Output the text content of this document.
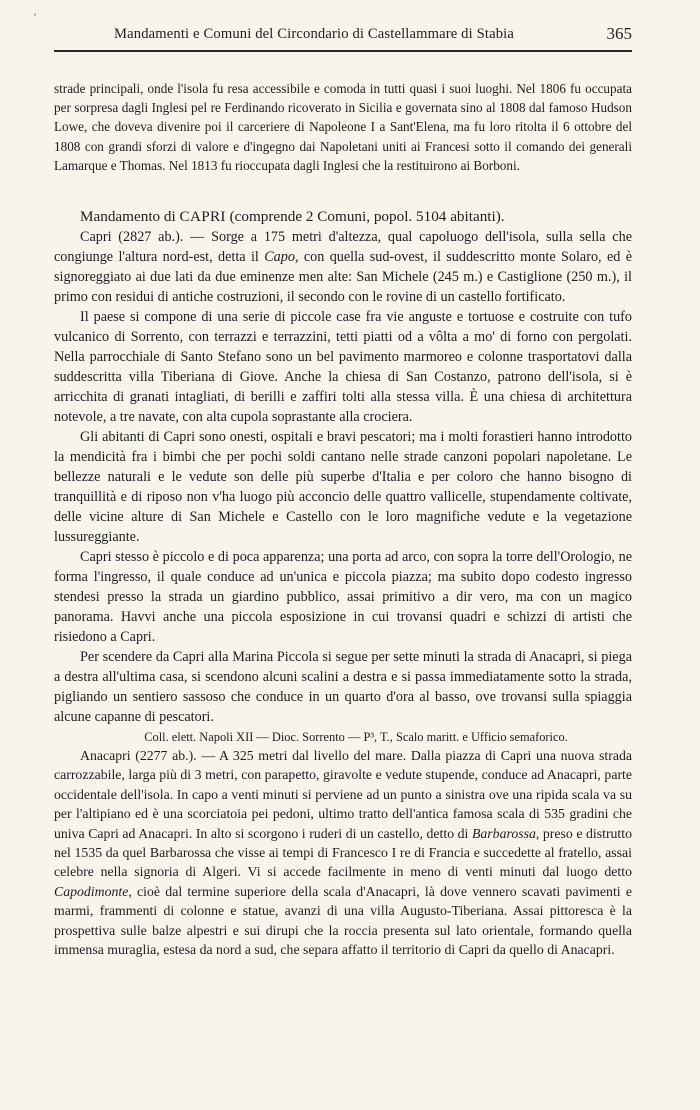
'
Mandamenti e Comuni del Circondario di Castellammare di Stabia	365

strade principali, onde l'isola fu resa accessibile e comoda in tutti quasi i suoi luoghi. Nel 1806 fu occupata per sorpresa dagli Inglesi pel re Ferdinando ricoverato in Sicilia e governata sino al 1808 dal famoso Hudson Lowe, che doveva divenire poi il carceriere di Napoleone I a Sant'Elena, ma fu loro ritolta il 6 ottobre del 1808 con grandi sforzi di valore e d'ingegno dai Napoletani uniti ai Francesi sotto il comando dei generali Lamarque e Thomas. Nel 1813 fu rioccupata dagli Inglesi che la restituirono ai Borboni.

Mandamento di CAPRI (comprende 2 Comuni, popol. 5104 abitanti).

Capri (2827 ab.). — Sorge a 175 metri d'altezza, qual capoluogo dell'isola, sulla sella che congiunge l'altura nord-est, detta il Capo, con quella sud-ovest, il suddescritto monte Solaro, ed è signoreggiato ai due lati da due eminenze men alte: San Michele (245 m.) e Castiglione (250 m.), il primo con residui di antiche costruzioni, il secondo con le rovine di un castello fortificato.

Il paese si compone di una serie di piccole case fra vie anguste e tortuose e costruite con tufo vulcanico di Sorrento, con terrazzi e terrazzini, tetti piatti od a vôlta a mo' di forno con pergolati. Nella parrocchiale di Santo Stefano sono un bel pavimento marmoreo e colonne trasportatovi dalla suddescritta villa Tiberiana di Giove. Anche la chiesa di San Costanzo, patrono dell'isola, si è arricchita di granati intagliati, di berilli e zaffiri tolti alla stessa villa. È una chiesa di architettura notevole, a tre navate, con alta cupola soprastante alla crociera.

Gli abitanti di Capri sono onesti, ospitali e bravi pescatori; ma i molti forastieri hanno introdotto la mendicità fra i bimbi che per pochi soldi cantano nelle strade canzoni popolari napoletane. Le bellezze naturali e le vedute son delle più superbe d'Italia e per coloro che hanno bisogno di tranquillità e di riposo non v'ha luogo più acconcio delle quattro vallicelle, stupendamente coltivate, delle vicine alture di San Michele e Castello con le loro magnifiche vedute e la vegetazione lussureggiante.

Capri stesso è piccolo e di poca apparenza; una porta ad arco, con sopra la torre dell'Orologio, ne forma l'ingresso, il quale conduce ad un'unica e piccola piazza; ma subito dopo codesto ingresso stendesi presso la strada un giardino pubblico, assai primitivo a dir vero, ma con un magico panorama. Havvi anche una piccola esposizione in cui trovansi quadri e schizzi di artisti che risiedono a Capri.

Per scendere da Capri alla Marina Piccola si segue per sette minuti la strada di Anacapri, si piega a destra all'ultima casa, si scendono alcuni scalini a destra e si passa immediatamente sotto la strada, pigliando un sentiero sassoso che conduce in un quarto d'ora al basso, ove trovansi sulla spiaggia alcune capanne di pescatori.

Coll. elett. Napoli XII — Dioc. Sorrento — P³, T., Scalo maritt. e Ufficio semaforico.

Anacapri (2277 ab.). — A 325 metri dal livello del mare. Dalla piazza di Capri una nuova strada carrozzabile, larga più di 3 metri, con parapetto, giravolte e vedute stupende, conduce ad Anacapri, parte occidentale dell'isola. In capo a venti minuti si perviene ad un punto a sinistra ove una ripida scala va su per l'altipiano ed è una scorciatoia pei pedoni, ultimo tratto dell'antica famosa scala di 535 gradini che univa Capri ad Anacapri. In alto si scorgono i ruderi di un castello, detto di Barbarossa, preso e distrutto nel 1535 da quel Barbarossa che visse ai tempi di Francesco I re di Francia e succedette al fratello, assai celebre nella signoria di Algeri. Vi si accede facilmente in meno di venti minuti dal luogo detto Capodimonte, cioè dal termine superiore della scala d'Anacapri, là dove vennero scavati pavimenti e marmi, frammenti di colonne e statue, avanzi di una villa Augusto-Tiberiana. Assai pittoresca è la prospettiva sulle balze alpestri e sui dirupi che la roccia presenta sul lato orientale, formando quella immensa muraglia, estesa da nord a sud, che separa affatto il territorio di Capri da quello di Anacapri.
